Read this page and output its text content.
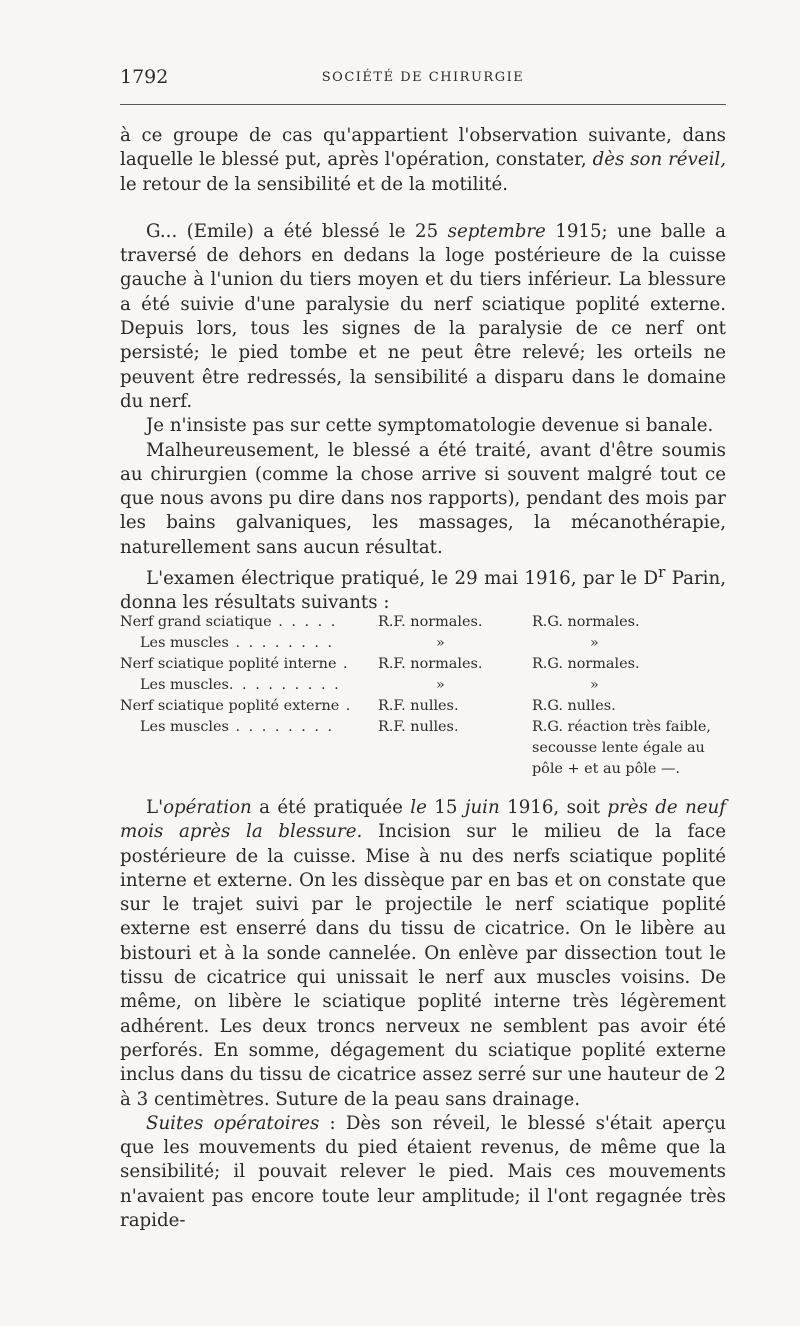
1792	SOCIÉTÉ DE CHIRURGIE

à ce groupe de cas qu'appartient l'observation suivante, dans laquelle le blessé put, après l'opération, constater, dès son réveil, le retour de la sensibilité et de la motilité.

G... (Emile) a été blessé le 25 septembre 1915; une balle a traversé de dehors en dedans la loge postérieure de la cuisse gauche à l'union du tiers moyen et du tiers inférieur. La blessure a été suivie d'une paralysie du nerf sciatique poplité externe. Depuis lors, tous les signes de la paralysie de ce nerf ont persisté; le pied tombe et ne peut être relevé; les orteils ne peuvent être redressés, la sensibilité a disparu dans le domaine du nerf.

Je n'insiste pas sur cette symptomatologie devenue si banale.

Malheureusement, le blessé a été traité, avant d'être soumis au chirurgien (comme la chose arrive si souvent malgré tout ce que nous avons pu dire dans nos rapports), pendant des mois par les bains galvaniques, les massages, la mécanothérapie, naturellement sans aucun résultat.

L'examen électrique pratiqué, le 29 mai 1916, par le $D^r$ Parin, donna les résultats suivants :

Nerf grand sciatique . . . . .	R.F. normales.	R.G. normales.
Les muscles . . . . . . . .	»	»
Nerf sciatique poplité interne .	R.F. normales.	R.G. normales.
Les muscles. . . . . . . . .	»	»
Nerf sciatique poplité externe .	R.F. nulles.	R.G. nulles.
Les muscles . . . . . . . .	R.F. nulles.	R.G. réaction très faible,
		secousse lente égale au
		pôle + et au pôle —.

L'opération a été pratiquée le 15 juin 1916, soit près de neuf mois après la blessure. Incision sur le milieu de la face postérieure de la cuisse. Mise à nu des nerfs sciatique poplité interne et externe. On les dissèque par en bas et on constate que sur le trajet suivi par le projectile le nerf sciatique poplité externe est enserré dans du tissu de cicatrice. On le libère au bistouri et à la sonde cannelée. On enlève par dissection tout le tissu de cicatrice qui unissait le nerf aux muscles voisins. De même, on libère le sciatique poplité interne très légèrement adhérent. Les deux troncs nerveux ne semblent pas avoir été perforés. En somme, dégagement du sciatique poplité externe inclus dans du tissu de cicatrice assez serré sur une hauteur de 2 à 3 centimètres. Suture de la peau sans drainage.

Suites opératoires : Dès son réveil, le blessé s'était aperçu que les mouvements du pied étaient revenus, de même que la sensibilité; il pouvait relever le pied. Mais ces mouvements n'avaient pas encore toute leur amplitude; il l'ont regagnée très rapide-
